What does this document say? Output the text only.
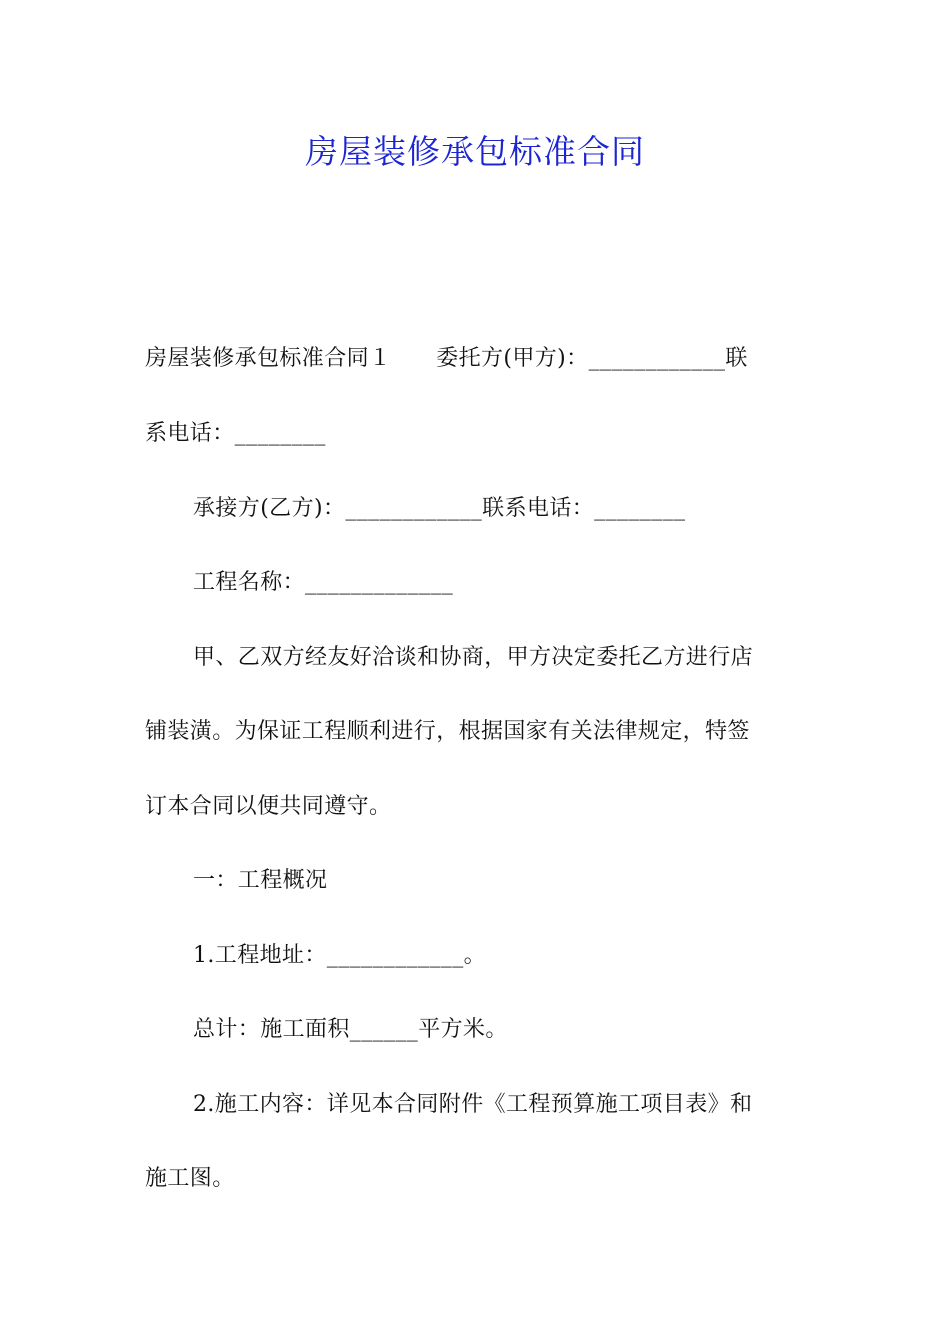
房屋装修承包标准合同
房屋装修承包标准合同１　　委托方(甲方)：____________联
系电话：________
承接方(乙方)：____________联系电话：________
工程名称：_____________
甲、乙双方经友好洽谈和协商，甲方决定委托乙方进行店
铺装潢。为保证工程顺利进行，根据国家有关法律规定，特签
订本合同以便共同遵守。
一：工程概况
1.工程地址：____________。
总计：施工面积______平方米。
2.施工内容：详见本合同附件《工程预算施工项目表》和
施工图。
